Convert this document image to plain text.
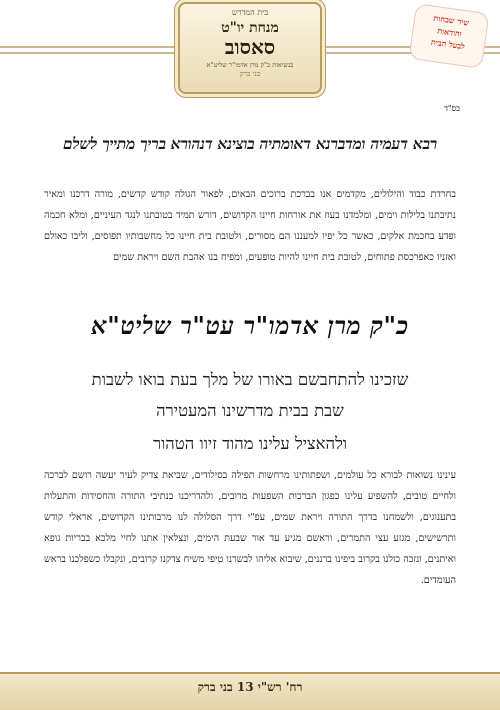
בית המדרש
מנחת יו"ט
סאסוב
בנשיאות כ"ק מרן אדמו"ר שליט"א
בני ברק
שיר שבחות
והודאות
לבעל הבית
בס"ד
רבא דעמיה ומדברנא דאומתיה בוצינא דנהורא בריך מתייך לשלם
בחרדת כבוד והילולים, מקדמים אנו בברכת ברוכים הבאים, לפאור הגולה קודש קדשים, מורה דרכנו ומאיר נתיבתנו בלילות וימים, ומלמדנו בעוז את אורחות חיינו הקדושים, דורש תמיד בטובתנו לנגד העיניים, ומלא חכמה ופדע בחכמת אלקים, כאשר כל יפיו למעננו הם מסורים, ולטובת בית חיינו כל מחשבותיו תפוסים, וליבו כאולם ואזניו כאפרכסת פתוחים, לטובת בית חיינו להיות טופעים, ומפיח בנו אהבת השם ויראת שמים
כ"ק מרן אדמו"ר עט"ר שליט"א
שזכינו להתחבשם באורו של מלך בעת בואו לשבות
שבת בבית מדרשינו המעטירה
ולהאציל עלינו מהוד זיוו הטהור
עינינו נשואות לבורא כל עולמים, ושפתותינו מרחשות תפילה בסילודים, שביאת צדיק לעיר יעשה רושם לברכה ולחיים טובים, להשפיע עלינו כפגון הברכות השפעות מרובים, ולהדריכנו בנתיבי התורה והחסידות והתעלות בתענוגים, ולשמחנו בדרך התורה ויראת שמים, עפ"י דרך הסלולה לנו מרבותינו הקדושים, אראלי קודש ותרשישים, מגזע עצי התמרים, וראשם מגיע עד אור שבעת הימים, ונצלאין אתנו לחיי מלכא בבריות גופא ואיתנים, ונזכה כולנו בקרוב ביפינו ברננים, שיבוא אליהו לבשרנו טיפי משיח צדקנו קרובים, ונקבלו כשפלכנו בראש העומדים.
רח' רש"י 13 בני ברק
